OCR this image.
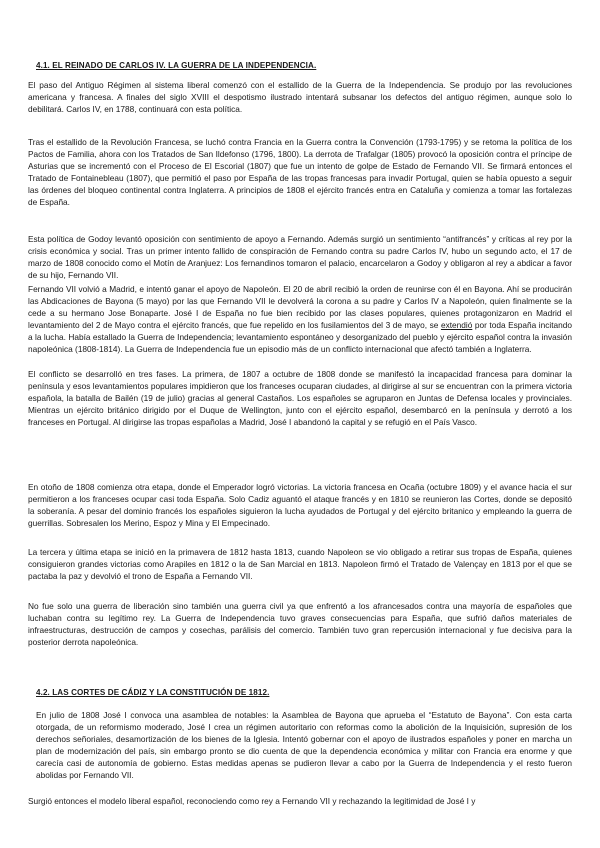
4.1. EL REINADO DE CARLOS IV. LA GUERRA DE LA INDEPENDENCIA.

El paso del Antiguo Régimen al sistema liberal comenzó con el estallido de la Guerra de la Independencia. Se produjo por las revoluciones americana y francesa. A finales del siglo XVIII el despotismo ilustrado intentará subsanar los defectos del antiguo régimen, aunque solo lo debilitará. Carlos IV, en 1788, continuará con esta política.

Tras el estallido de la Revolución Francesa, se luchó contra Francia en la Guerra contra la Convención (1793-1795) y se retoma la política de los Pactos de Familia, ahora con los Tratados de San Ildefonso (1796, 1800). La derrota de Trafalgar (1805) provocó la oposición contra el príncipe de Asturias que se incrementó con el Proceso de El Escorial (1807) que fue un intento de golpe de Estado de Fernando VII. Se firmará entonces el Tratado de Fontainebleau (1807), que permitió el paso por España de las tropas francesas para invadir Portugal, quien se había opuesto a seguir las órdenes del bloqueo continental contra Inglaterra. A principios de 1808 el ejército francés entra en Cataluña y comienza a tomar las fortalezas de España.

Esta política de Godoy levantó oposición con sentimiento de apoyo a Fernando. Además surgió un sentimiento “antifrancés” y críticas al rey por la crisis económica y social. Tras un primer intento fallido de conspiración de Fernando contra su padre Carlos IV, hubo un segundo acto, el 17 de marzo de 1808 conocido como el Motín de Aranjuez: Los fernandinos tomaron el palacio, encarcelaron a Godoy y obligaron al rey a abdicar a favor de su hijo, Fernando VII.

Fernando VII volvió a Madrid, e intentó ganar el apoyo de Napoleón. El 20 de abril recibió la orden de reunirse con él en Bayona. Ahí se producirán las Abdicaciones de Bayona (5 mayo) por las que Fernando VII le devolverá la corona a su padre y Carlos IV a Napoleón, quien finalmente se la cede a su hermano Jose Bonaparte. José I de España no fue bien recibido por las clases populares, quienes protagonizaron en Madrid el levantamiento del 2 de Mayo contra el ejército francés, que fue repelido en los fusilamientos del 3 de mayo, se extendió por toda España incitando a la lucha. Había estallado la Guerra de Independencia; levantamiento espontáneo y desorganizado del pueblo y ejército español contra la invasión napoleónica (1808-1814). La Guerra de Independencia fue un episodio más de un conflicto internacional que afectó también a Inglaterra.

El conflicto se desarrolló en tres fases. La primera, de 1807 a octubre de 1808 donde se manifestó la incapacidad francesa para dominar la península y esos levantamientos populares impidieron que los franceses ocuparan ciudades, al dirigirse al sur se encuentran con la primera victoria española, la batalla de Bailén (19 de julio) gracias al general Castaños. Los españoles se agruparon en Juntas de Defensa locales y provinciales. Mientras un ejército británico dirigido por el Duque de Wellington, junto con el ejército español, desembarcó en la península y derrotó a los franceses en Portugal. Al dirigirse las tropas españolas a Madrid, José I abandonó la capital y se refugió en el País Vasco.

En otoño de 1808 comienza otra etapa, donde el Emperador logró victorias. La victoria francesa en Ocaña (octubre 1809) y el avance hacia el sur permitieron a los franceses ocupar casi toda España. Solo Cadiz aguantó el ataque francés y en 1810 se reunieron las Cortes, donde se depositó la soberanía. A pesar del dominio francés los españoles siguieron la lucha ayudados de Portugal y del ejército britanico y empleando la guerra de guerrillas. Sobresalen los Merino, Espoz y Mina y El Empecinado.

La tercera y última etapa se inició en la primavera de 1812 hasta 1813, cuando Napoleon se vio obligado a retirar sus tropas de España, quienes consiguieron grandes victorias como Arapiles en 1812 o la de San Marcial en 1813. Napoleon firmó el Tratado de Valençay en 1813 por el que se pactaba la paz y devolvió el trono de España a Fernando VII.

No fue solo una guerra de liberación sino también una guerra civil ya que enfrentó a los afrancesados contra una mayoría de españoles que luchaban contra su legítimo rey. La Guerra de Independencia tuvo graves consecuencias para España, que sufrió daños materiales de infraestructuras, destrucción de campos y cosechas, parálisis del comercio. También tuvo gran repercusión internacional y fue decisiva para la posterior derrota napoleónica.

4.2. LAS CORTES DE CÁDIZ Y LA CONSTITUCIÓN DE 1812.

En julio de 1808 José I convoca una asamblea de notables: la Asamblea de Bayona que aprueba el “Estatuto de Bayona”. Con esta carta otorgada, de un reformismo moderado, José I crea un régimen autoritario con reformas como la abolición de la Inquisición, supresión de los derechos señoriales, desamortización de los bienes de la Iglesia. Intentó gobernar con el apoyo de ilustrados españoles y poner en marcha un plan de modernización del país, sin embargo pronto se dio cuenta de que la dependencia económica y militar con Francia era enorme y que carecía casi de autonomía de gobierno. Estas medidas apenas se pudieron llevar a cabo por la Guerra de Independencia y el resto fueron abolidas por Fernando VII.

Surgió entonces el modelo liberal español, reconociendo como rey a Fernando VII y rechazando la legitimidad de José I y
